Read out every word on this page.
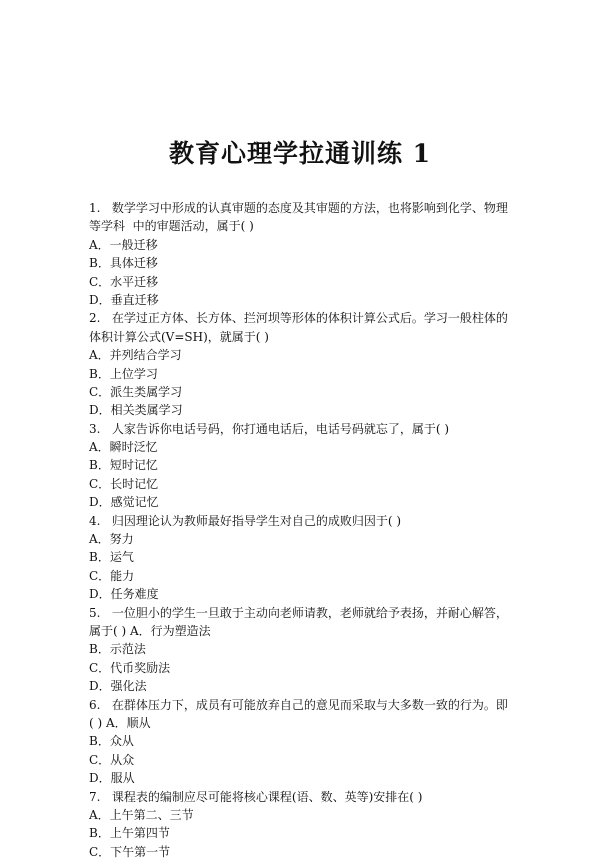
教育心理学拉通训练 1
1.   数学学习中形成的认真审题的态度及其审题的方法，也将影响到化学、物理
等学科  中的审题活动，属于( )
A．一般迁移
B．具体迁移
C．水平迁移
D．垂直迁移
2.   在学过正方体、长方体、拦河坝等形体的体积计算公式后。学习一般柱体的
体积计算公式(V=SH)，就属于( )
A．并列结合学习
B．上位学习
C．派生类属学习
D．相关类属学习
3.   人家告诉你电话号码，你打通电话后，电话号码就忘了，属于( )
A．瞬时泛忆
B．短时记忆
C．长时记忆
D．感觉记忆
4.   归因理论认为教师最好指导学生对自己的成败归因于( )
A．努力
B．运气
C．能力
D．任务难度
5.   一位胆小的学生一旦敢于主动向老师请教，老师就给予表扬，并耐心解答，
属于( ) A．行为塑造法
B．示范法
C．代币奖励法
D．强化法
6.   在群体压力下，成员有可能放弃自己的意见而采取与大多数一致的行为。即
( ) A．顺从
B．众从
C．从众
D．服从
7.   课程表的编制应尽可能将核心课程(语、数、英等)安排在( )
A．上午第二、三节
B．上午第四节
C．下午第一节
